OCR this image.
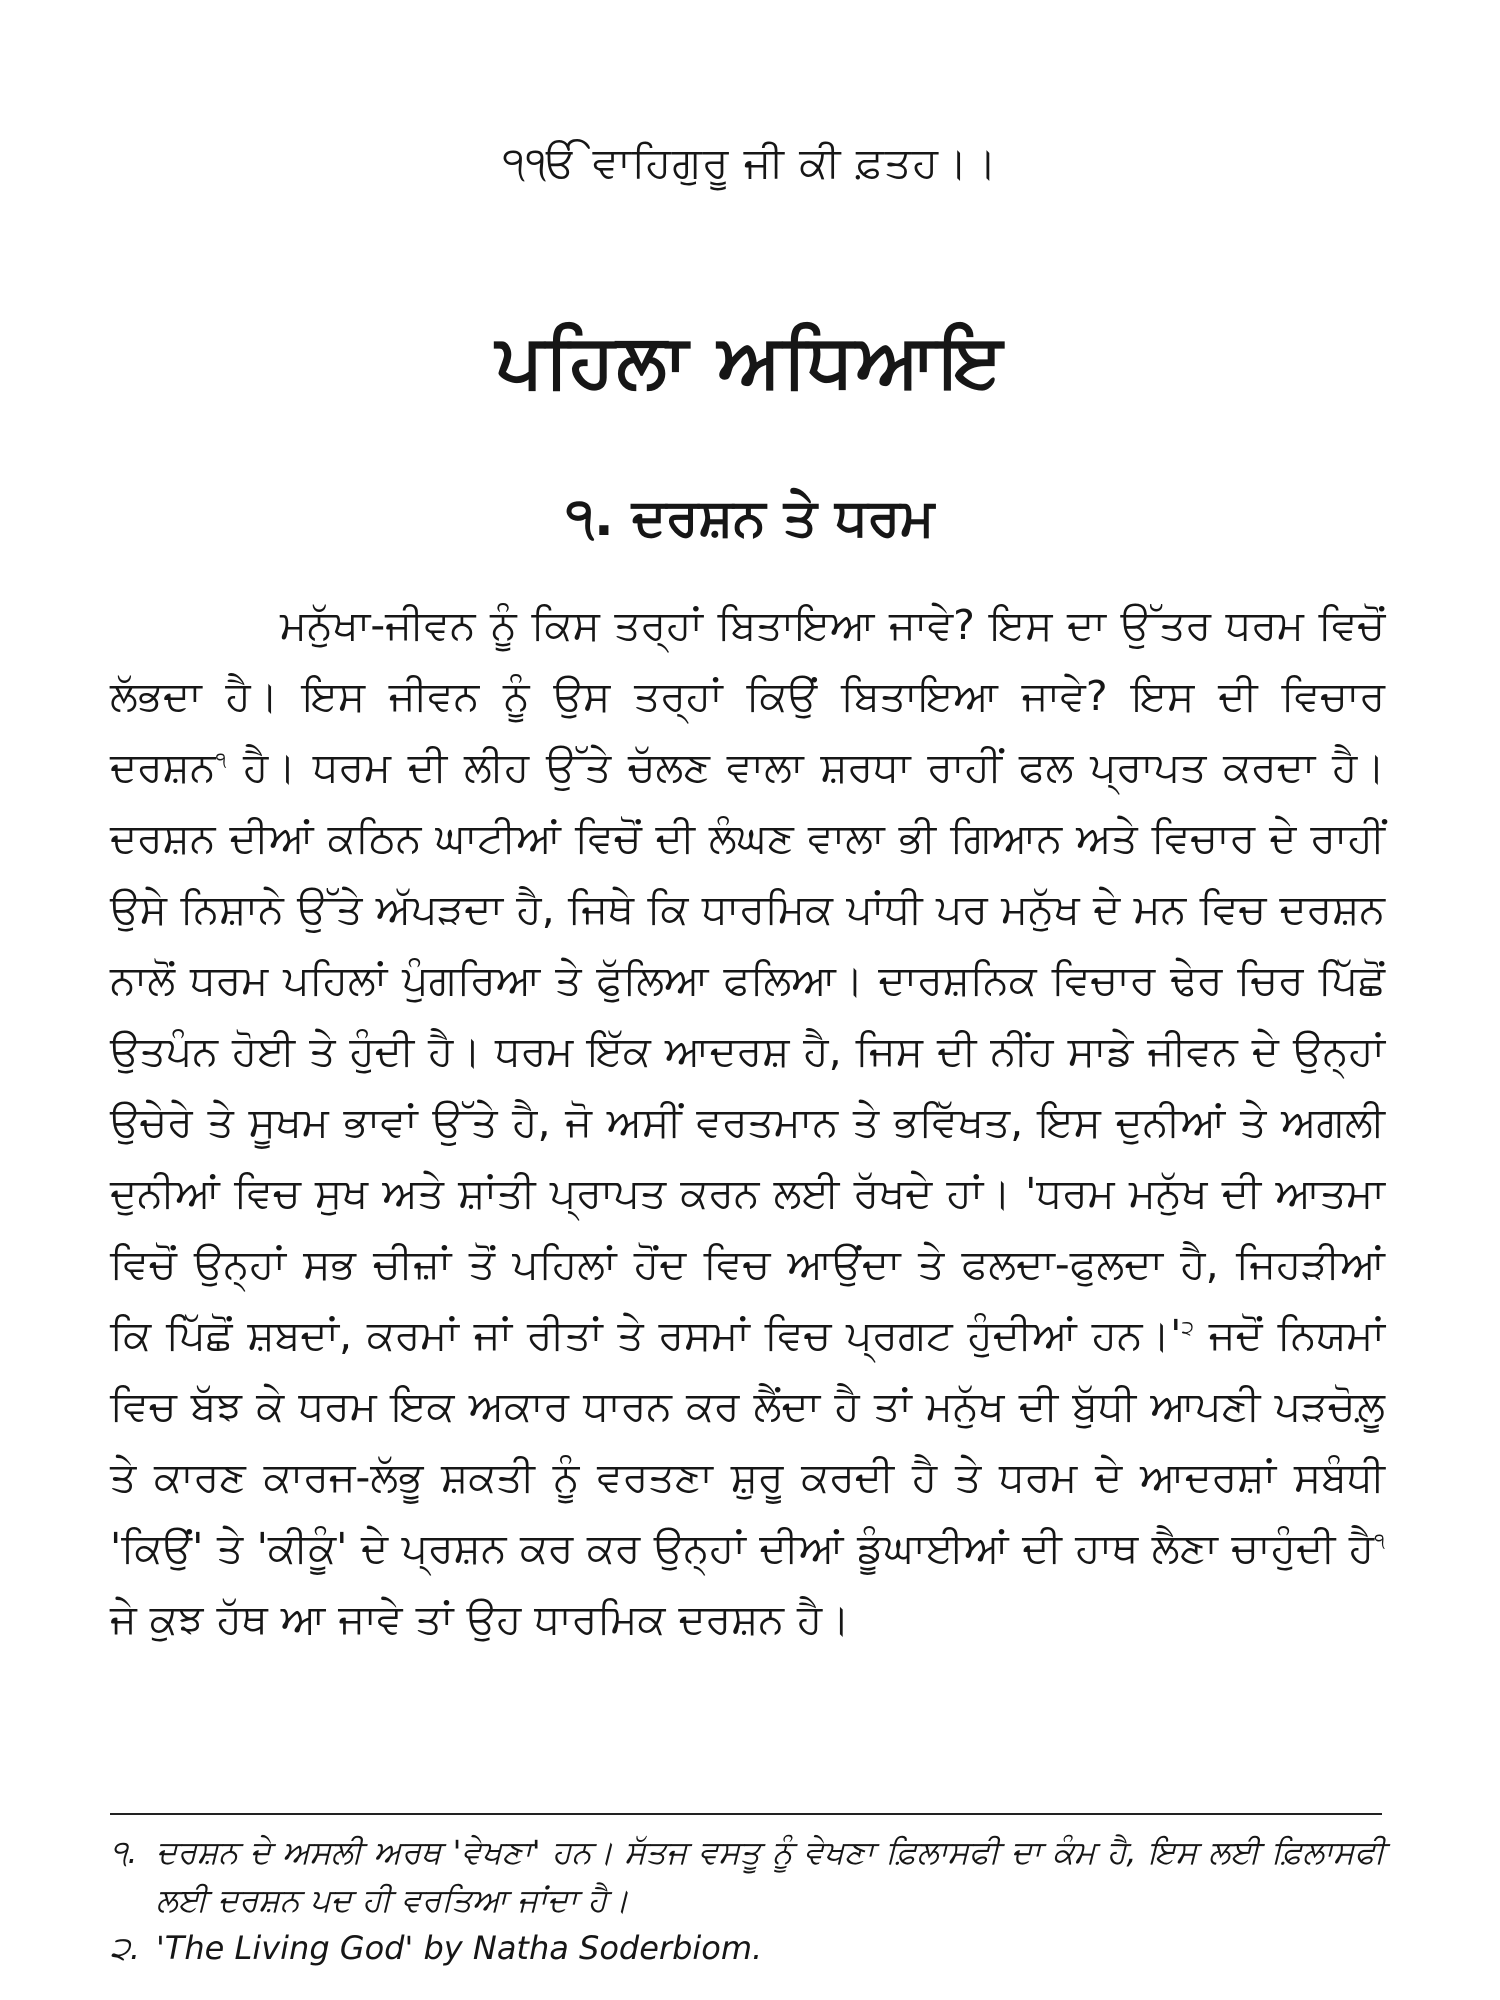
੧ੴ ਵਾਹਿਗੁਰੂ ਜੀ ਕੀ ਫ਼ਤਹ।।
ਪਹਿਲਾ ਅਧਿਆਇ
੧. ਦਰਸ਼ਨ ਤੇ ਧਰਮ

ਮਨੁੱਖਾ-ਜੀਵਨ ਨੂੰ ਕਿਸ ਤਰ੍ਹਾਂ ਬਿਤਾਇਆ ਜਾਵੇ? ਇਸ ਦਾ ਉੱਤਰ ਧਰਮ ਵਿਚੋਂ ਲੱਭਦਾ ਹੈ। ਇਸ ਜੀਵਨ ਨੂੰ ਉਸ ਤਰ੍ਹਾਂ ਕਿਉਂ ਬਿਤਾਇਆ ਜਾਵੇ? ਇਸ ਦੀ ਵਿਚਾਰ ਦਰਸ਼ਨ$^੧$ ਹੈ। ਧਰਮ ਦੀ ਲੀਹ ਉੱਤੇ ਚੱਲਣ ਵਾਲਾ ਸ਼ਰਧਾ ਰਾਹੀਂ ਫਲ ਪ੍ਰਾਪਤ ਕਰਦਾ ਹੈ। ਦਰਸ਼ਨ ਦੀਆਂ ਕਠਿਨ ਘਾਟੀਆਂ ਵਿਚੋਂ ਦੀ ਲੰਘਣ ਵਾਲਾ ਭੀ ਗਿਆਨ ਅਤੇ ਵਿਚਾਰ ਦੇ ਰਾਹੀਂ ਉਸੇ ਨਿਸ਼ਾਨੇ ਉੱਤੇ ਅੱਪੜਦਾ ਹੈ, ਜਿਥੇ ਕਿ ਧਾਰਮਿਕ ਪਾਂਧੀ ਪਰ ਮਨੁੱਖ ਦੇ ਮਨ ਵਿਚ ਦਰਸ਼ਨ ਨਾਲੋਂ ਧਰਮ ਪਹਿਲਾਂ ਪੁੰਗਰਿਆ ਤੇ ਫੁੱਲਿਆ ਫਲਿਆ। ਦਾਰਸ਼ਨਿਕ ਵਿਚਾਰ ਢੇਰ ਚਿਰ ਪਿੱਛੋਂ ਉਤਪੰਨ ਹੋਈ ਤੇ ਹੁੰਦੀ ਹੈ। ਧਰਮ ਇੱਕ ਆਦਰਸ਼ ਹੈ, ਜਿਸ ਦੀ ਨੀਂਹ ਸਾਡੇ ਜੀਵਨ ਦੇ ਉਨ੍ਹਾਂ ਉਚੇਰੇ ਤੇ ਸੂਖਮ ਭਾਵਾਂ ਉੱਤੇ ਹੈ, ਜੋ ਅਸੀਂ ਵਰਤਮਾਨ ਤੇ ਭਵਿੱਖਤ, ਇਸ ਦੁਨੀਆਂ ਤੇ ਅਗਲੀ ਦੁਨੀਆਂ ਵਿਚ ਸੁਖ ਅਤੇ ਸ਼ਾਂਤੀ ਪ੍ਰਾਪਤ ਕਰਨ ਲਈ ਰੱਖਦੇ ਹਾਂ। 'ਧਰਮ ਮਨੁੱਖ ਦੀ ਆਤਮਾ ਵਿਚੋਂ ਉਨ੍ਹਾਂ ਸਭ ਚੀਜ਼ਾਂ ਤੋਂ ਪਹਿਲਾਂ ਹੋਂਦ ਵਿਚ ਆਉਂਦਾ ਤੇ ਫਲਦਾ-ਫੁਲਦਾ ਹੈ, ਜਿਹੜੀਆਂ ਕਿ ਪਿੱਛੋਂ ਸ਼ਬਦਾਂ, ਕਰਮਾਂ ਜਾਂ ਰੀਤਾਂ ਤੇ ਰਸਮਾਂ ਵਿਚ ਪ੍ਰਗਟ ਹੁੰਦੀਆਂ $ਹਨ।'^੨$ ਜਦੋਂ ਨਿਯਮਾਂ ਵਿਚ ਬੱਝ ਕੇ ਧਰਮ ਇਕ ਅਕਾਰ ਧਾਰਨ ਕਰ ਲੈਂਦਾ ਹੈ ਤਾਂ ਮਨੁੱਖ ਦੀ ਬੁੱਧੀ ਆਪਣੀ ਪੜਚੋਲ਼ੂ ਤੇ ਕਾਰਣ ਕਾਰਜ-ਲੱਭੂ ਸ਼ਕਤੀ ਨੂੰ ਵਰਤਣਾ ਸ਼ੁਰੂ ਕਰਦੀ ਹੈ ਤੇ ਧਰਮ ਦੇ ਆਦਰਸ਼ਾਂ ਸਬੰਧੀ 'ਕਿਉਂ' ਤੇ 'ਕੀਕੂੰ' ਦੇ ਪ੍ਰਸ਼ਨ ਕਰ ਕਰ ਉਨ੍ਹਾਂ ਦੀਆਂ ਡੂੰਘਾਈਆਂ ਦੀ ਹਾਥ ਲੈਣਾ ਚਾਹੁੰਦੀ ਹੈ$^੧$ ਜੇ ਕੁਝ ਹੱਥ ਆ ਜਾਵੇ ਤਾਂ ਉਹ ਧਾਰਮਿਕ ਦਰਸ਼ਨ ਹੈ।

੧. ਦਰਸ਼ਨ ਦੇ ਅਸਲੀ ਅਰਥ 'ਵੇਖਣਾ' ਹਨ। ਸੱਤਜ ਵਸਤੂ ਨੂੰ ਵੇਖਣਾ ਫ਼ਿਲਾਸਫੀ ਦਾ ਕੰਮ ਹੈ, ਇਸ ਲਈ ਫ਼ਿਲਾਸਫੀ ਲਈ ਦਰਸ਼ਨ ਪਦ ਹੀ ਵਰਤਿਆ ਜਾਂਦਾ ਹੈ।
੨. 'The Living God' by Natha Soderbiom.
